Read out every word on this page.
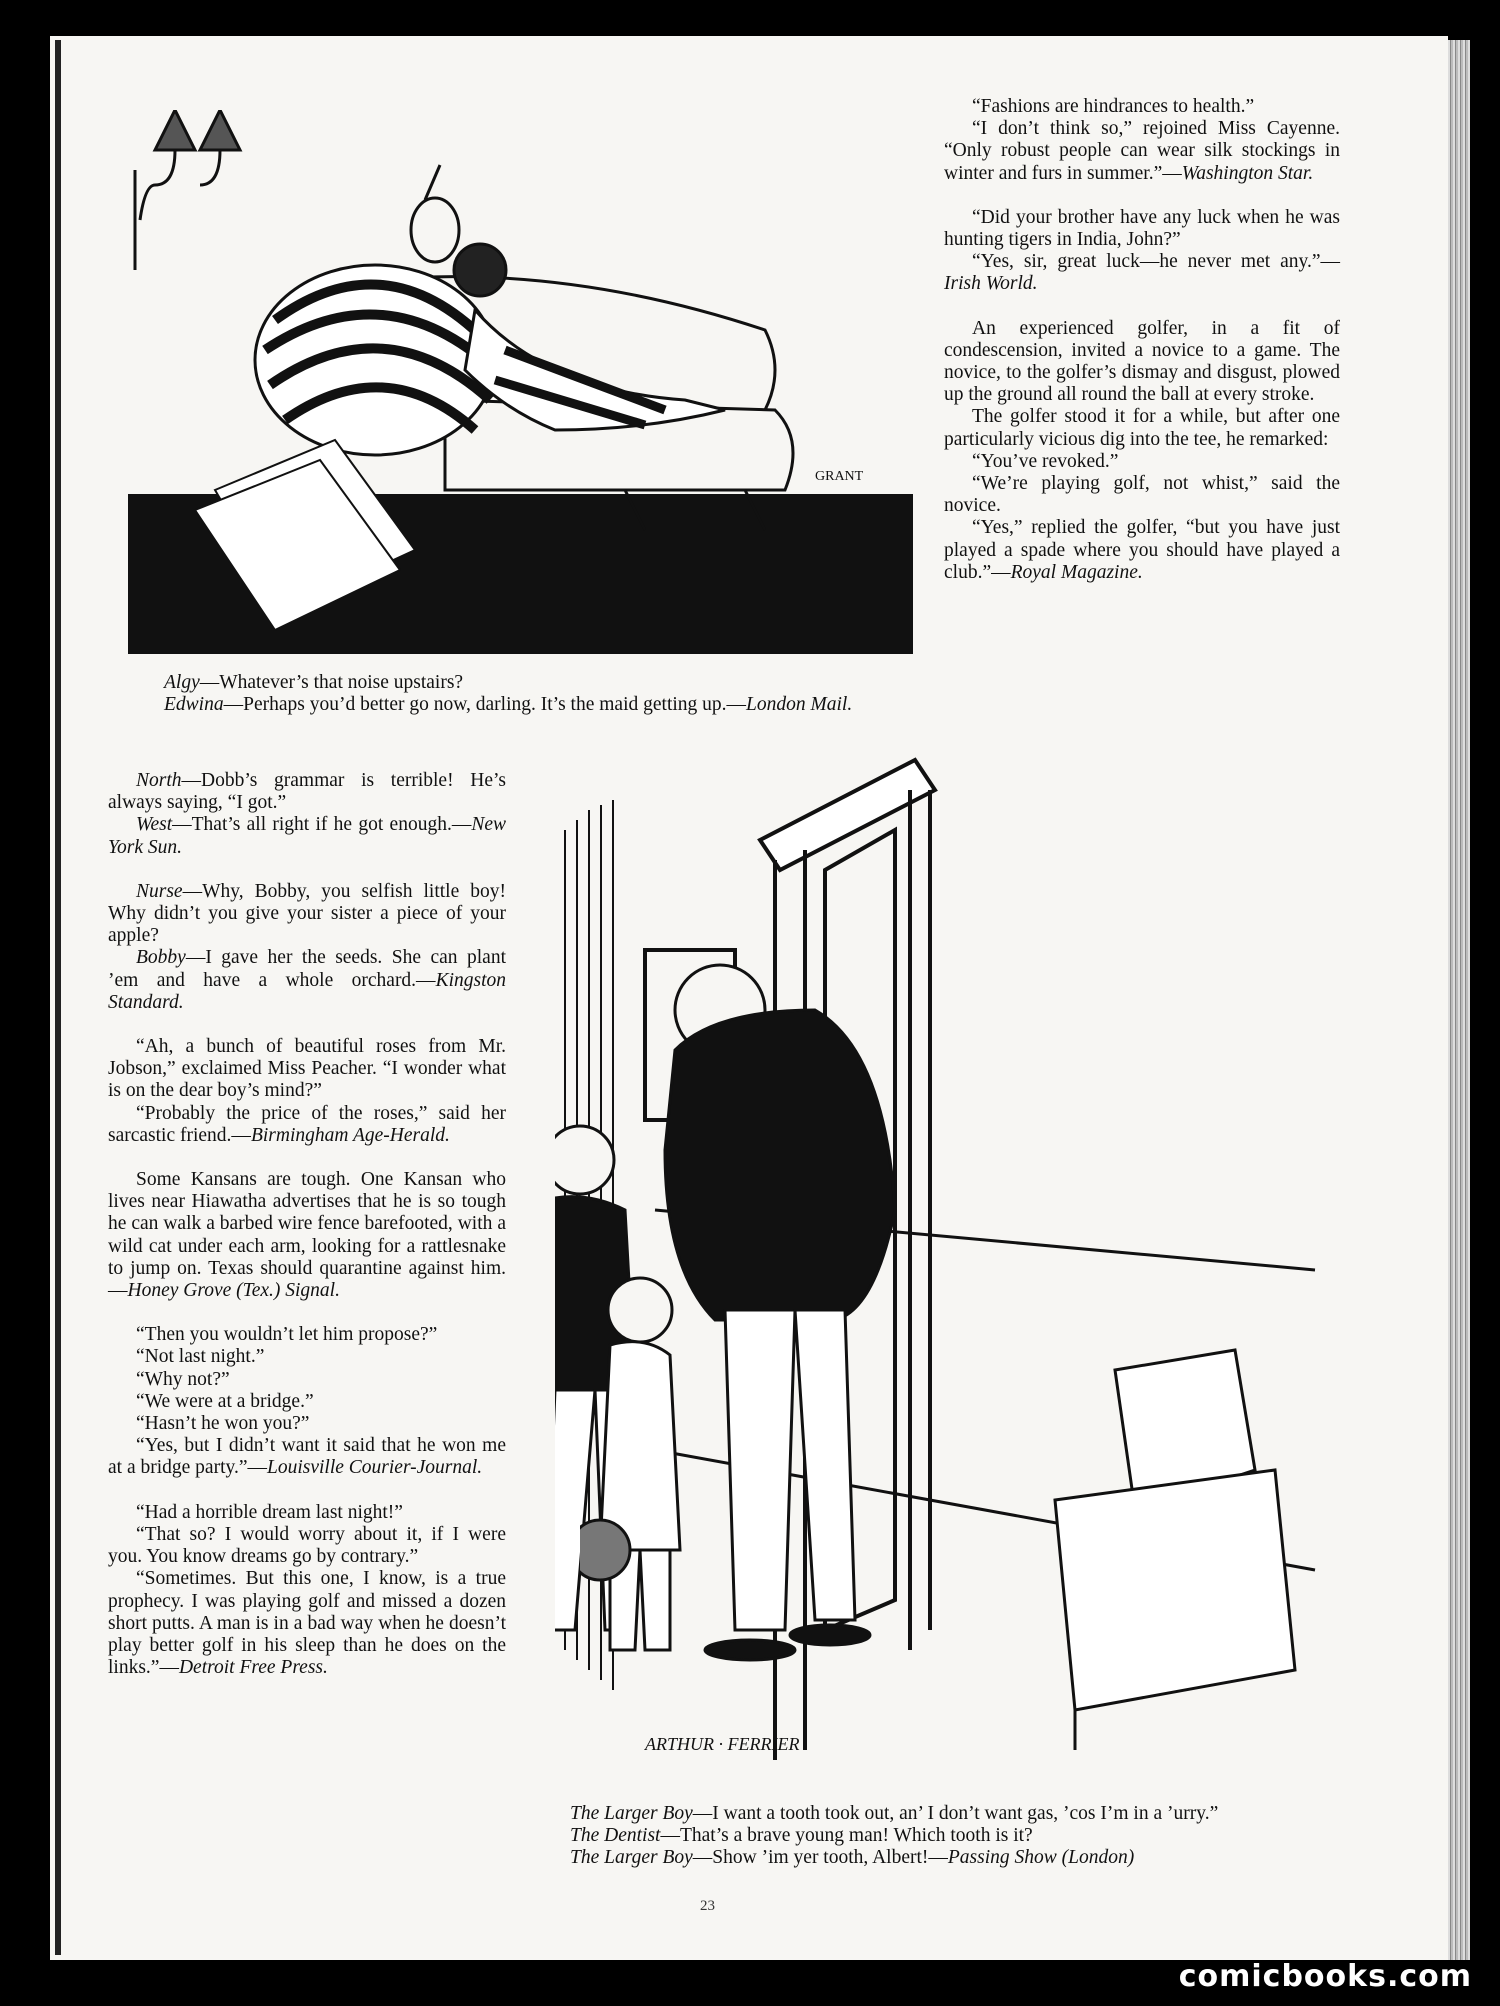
GRANT

“Fashions are hindrances to health.”

“I don’t think so,” rejoined Miss Cayenne. “Only robust people can wear silk stockings in winter and furs in summer.”—Washington Star.

“Did your brother have any luck when he was hunting tigers in India, John?”

“Yes, sir, great luck—he never met any.”—Irish World.

An experienced golfer, in a fit of condescension, invited a novice to a game. The novice, to the golfer’s dismay and disgust, plowed up the ground all round the ball at every stroke.

The golfer stood it for a while, but after one particularly vicious dig into the tee, he remarked:

“You’ve revoked.”

“We’re playing golf, not whist,” said the novice.

“Yes,” replied the golfer, “but you have just played a spade where you should have played a club.”—Royal Magazine.

Algy—Whatever’s that noise upstairs?

Edwina—Perhaps you’d better go now, darling. It’s the maid getting up.—London Mail.

North—Dobb’s grammar is terrible! He’s always saying, “I got.”

West—That’s all right if he got enough.—New York Sun.

Nurse—Why, Bobby, you selfish little boy! Why didn’t you give your sister a piece of your apple?

Bobby—I gave her the seeds. She can plant ’em and have a whole orchard.—Kingston Standard.

“Ah, a bunch of beautiful roses from Mr. Jobson,” exclaimed Miss Peacher. “I wonder what is on the dear boy’s mind?”

“Probably the price of the roses,” said her sarcastic friend.—Birmingham Age-Herald.

Some Kansans are tough. One Kansan who lives near Hiawatha advertises that he is so tough he can walk a barbed wire fence barefooted, with a wild cat under each arm, looking for a rattlesnake to jump on. Texas should quarantine against him.—Honey Grove (Tex.) Signal.

“Then you wouldn’t let him propose?”

“Not last night.”

“Why not?”

“We were at a bridge.”

“Hasn’t he won you?”

“Yes, but I didn’t want it said that he won me at a bridge party.”—Louisville Courier-Journal.

“Had a horrible dream last night!”

“That so? I would worry about it, if I were you. You know dreams go by contrary.”

“Sometimes. But this one, I know, is a true prophecy. I was playing golf and missed a dozen short putts. A man is in a bad way when he doesn’t play better golf in his sleep than he does on the links.”—Detroit Free Press.

ARTHUR · FERRIER

The Larger Boy—I want a tooth took out, an’ I don’t want gas, ’cos I’m in a ’urry.”

The Dentist—That’s a brave young man! Which tooth is it?

The Larger Boy—Show ’im yer tooth, Albert!—Passing Show (London)

23
comicbooks.com
